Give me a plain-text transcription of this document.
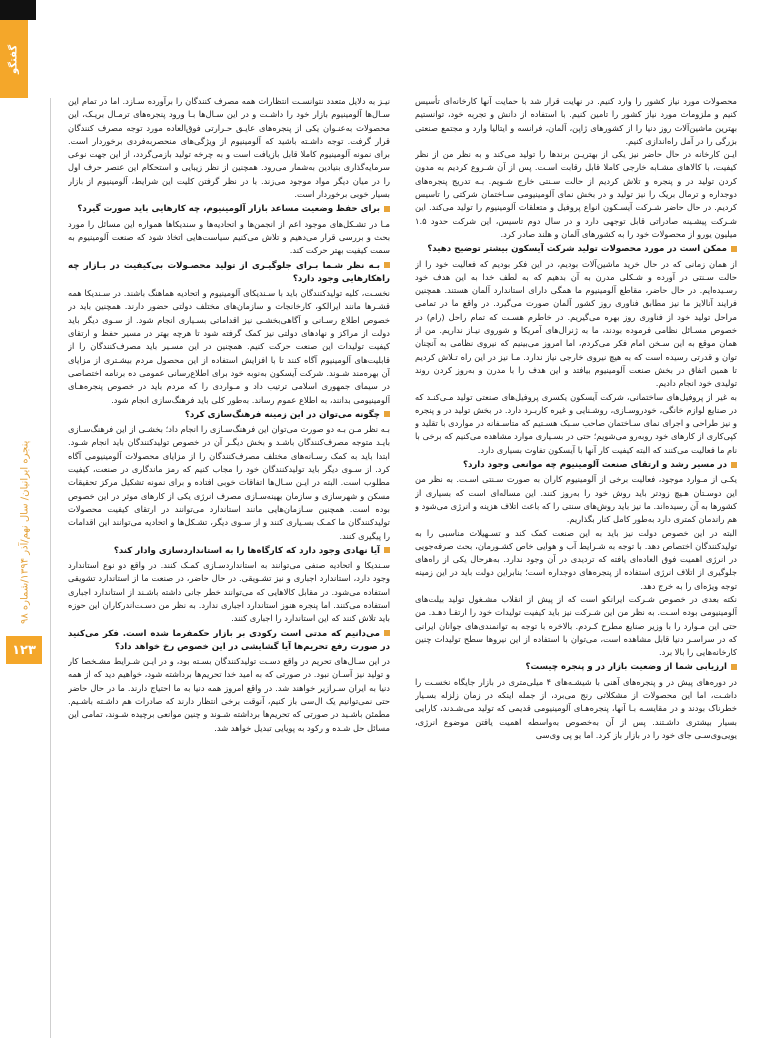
گفتگو
پنجره ایرانیان/ سال نهم/آذر ۱۳۹۴/شماره ۹۸
۱۲۳

محصولات مورد نیاز کشور را وارد کنیم. در نهایت قرار شد با حمایت آنها کارخانه‌ای تأسیس کنیم و ملزومات مورد نیاز کشور را تامین کنیم. با استفاده از دانش و تجربه خود، توانستیم بهترین ماشین‌آلات روز دنیا را از کشورهای ژاپن، آلمان، فرانسه و ایتالیا وارد و مجتمع صنعتی بزرگی را در آمل راه‌اندازی کنیم.

ایـن کارخانه در حال حاضر نیز یکی از بهتریـن برندها را تولید می‌کند و به نظر من از نظر کیفیت، با کالاهای مشـابه خارجی کاملا قابل رقابت اسـت. پس از آن شـروع کردیم به مدون کردن تولید در و پنجره و تلاش کردیم از حالت سـنتی خارج شـویم. بـه تدریج پنجره‌های دوجداره و ترمال بریک را نیز تولید و در بخش نمای آلومینیومی سـاختمان شرکتی را تاسیس کردیم. در حال حاضر شـرکت آیسـکون انواع پروفیل و متعلقات آلومینیوم را تولید می‌کند. این شـرکت پیشـینه صادراتی قابل توجهی دارد و در سال دوم تاسیس، این شرکت حدود ۱.۵ میلیون یورو از محصولات خود را به کشورهای آلمان و هلند صادر کرد.

ممکن است در مورد محصولات تولید شرکت آیسکون بیشتر توضیح دهید؟

از همان زمانی که در حال خرید ماشین‌آلات بودیم، در این فکر بودیم که فعالیت خود را از حالت سـنتی در آورده و شـکلی مدرن به آن بدهیم که به لطف خدا به این هدف خود رسـیده‌ایم. در حال حاضر، مقاطع آلومینیوم ما همگی دارای استاندارد آلمان هستند. همچنین فرایند آنالایز ما نیز مطابق فناوری روز کشور آلمان صورت می‌گیرد. در واقع ما در تمامی مراحل تولید خود از فناوری روز بهره می‌گیریم. در خاطرم هسـت که تمام راحل (رام) در خصوص مسـائل نظامی فرموده بودند، ما به ژنرال‌های آمریکا و شوروی نیـاز نداریم. من از همان موقع به این سـخن امام فکر می‌کردم، اما امروز می‌بینیم که نیروی نظامی به آنچنان توان و قدرتی رسیده است که به هیچ نیروی خارجی نیاز ندارد. مـا نیز در این راه تـلاش کردیم تا همین اتفاق در بخش صنعت آلومینیوم بیافتد و این هدف را با مدرن و به‌روز کردن روند تولیدی خود انجام دادیم.

به غیر از پروفیل‌های ساختمانی، شرکت آیسکون یکسری پروفیل‌های صنعتی تولید مـی‌کنـد که در صنایع لوازم خانگی، خودروسـازی، روشـنایی و غیره کاربـرد دارد. در بخش تولید در و پنجره و نیز طراحی و اجرای نمای سـاختمان صاحب سـبک هسـتیم که متاسـفانه در مواردی با تقلید و کپی‌کاری از کارهای خود روبه‌رو می‌شویم؛ حتی در بسـیاری موارد مشاهده می‌کنیم که برخی با نام ما فعالیت می‌کنند که البته کیفیت کار آنها با آیسکون تفاوت بسیاری دارد.

در مسیر رشد و ارتقای صنعت آلومینیوم چه موانعی وجود دارد؟

یکـی از مـوارد موجود، فعالیت برخی از آلومینیوم کاران به صورت سـنتی اسـت. به نظر من این دوسـتان هـیچ زودتر باید روش خود را به‌روز کنند. این مساله‌ای است که بسیاری از کشورها به آن رسیده‌اند. ما نیز باید روش‌های سنتی را که باعث اتلاف هزینه و انرژی می‌شود و هم راندمان کمتری دارد به‌طور کامل کنار بگذاریم.

البته در این خصوص دولت نیز باید به این صنعت کمک کند و تسـهیلات مناسبی را به تولیدکنندگان اختصاص دهد. با توجه به شـرایط آب و هوایی خاص کشـورمان، بحث صرفه‌جویی در انرژی اهمیت فوق العاده‌ای یافته که تردیدی در آن وجود ندارد. به‌هرحال یکی از راه‌های جلوگیری از اتلاف انرژی استفاده از پنجره‌های دوجداره است؛ بنابراین دولت باید در این زمینه توجه ویژه‌ای را به خرج دهد.

نکته بعدی در خصوص شـرکت ایرانکو است که از پیش از انقلاب مشـغول تولید بیلت‌های آلومینیومی بوده اسـت. به نظر من این شـرکت نیز باید کیفیت تولیدات خود را ارتقـا دهـد. من حتی این مـوارد را با وزیر صنایع مطرح کـردم. بالاخره با توجه به توانمندی‌های جوانان ایرانی که در سراسـر دنیا قابل مشاهده است، می‌توان با استفاده از این نیروها سطح تولیدات چنین کارخانه‌هایی را بالا برد.

ارزیابی شما از وضعیت بازار در و پنجره چیست؟

در دوره‌های پیش در و پنجره‌های آهنی با شیشـه‌های ۴ میلی‌متری در بازار جایگاه نخسـت را داشـت، اما این محصولات از مشکلاتی رنج می‌برد، از جمله اینکه در زمان زلزله بسـیار خطرناک بودند و در مقایسـه بـا آنها، پنجره‌هـای آلومینیومی قدیمی که تولید می‌شـدند، کارایی بسیار بیشتری داشـتند. پس از آن به‌خصوص به‌واسطه اهمیت یافتن موضوع انرژی، یویی‌وی‌سـی جای خود را در بازار باز کرد. اما یو پی وی‌سی

نیـز به دلایل متعدد نتوانسـت انتظارات همه مصرف کنندگان را برآورده سـازد. اما در تمام این سـال‌ها آلومینیوم بازار خود را داشـت و در این سـال‌ها بـا ورود پنجره‌های ترمـال بریـک، این محصولات به‌عنـوان یکی از پنجره‌های عایـق حـرارتی فوق‌العاده مورد توجه مصرف کنندگان قرار گرفت. توجه داشـته باشید که آلومینیوم از ویژگی‌های منحصربه‌فردی برخوردار است. برای نمونه آلومینیوم کاملا قابل بازیافت است و به چرخه تولید بازمی‌گردد، از این جهت نوعی سرمایه‌گذاری بنیادین به‌شمار می‌رود. همچنین از نظر زیبایی و استحکام این عنصر حرف اول را در میان دیگر مواد موجود می‌زند. با در نظر گرفتن کلیت این شرایط، آلومینیوم از بازار بسیار خوبی برخوردار است.

برای حفظ وضعیت مساعد بازار آلومینیوم، چه کارهایی باید صورت گیرد؟

مـا در تشـکل‌های موجود اعم از انجمن‌ها و اتحادیه‌ها و سندیکاها همواره این مسائل را مورد بحث و بررسی قرار می‌دهیم و تلاش می‌کنیم سیاست‌هایی اتخاذ شود که صنعت آلومینیوم به سمت کیفیت بهتر حرکت کند.

بـه نظر شـما بـرای جلوگیـری از تولید محصـولات بی‌کیفیت در بـازار چه راهکارهایی وجود دارد؟

نخسـت، کلیه تولیدکنندگان باید با سـندیکای آلومینیوم و اتحادیه هماهنگ باشند. در سـندیکا همه قشـرها مانند ایرالکو، کارخانجات و سازمان‌های مختلف دولتی حضور دارند. همچنین باید در خصوص اطلاع رسـانی و آگاهی‌بخشـی نیز اقداماتی بسـیاری انجام شود. از سـوی دیگر باید دولت از مراکز و نهادهای دولتی نیز کمک گرفته شود تا هرچه بهتر در مسیر حفظ و ارتقای کیفیت تولیدات این صنعت حرکت کنیم. همچنین در این مسـیر باید مصرف‌کنندگان را از قابلیت‌های آلومینیوم آگاه کنند تا با افزایش استفاده از این محصول مردم بیشـتری از مزایای آن بهره‌مند شـوند. شرکت آیسکون به‌نوبه خود برای اطلاع‌رسانی عمومی ده برنامه اختصاصی در سیمای جمهوری اسلامی ترتیب داد و مـواردی را که مردم باید در خصوص پنجره‌هـای آلومینیومی بدانند، به اطلاع عموم رساند. به‌طور کلی باید فرهنگ‌سازی انجام شود.

چگونه می‌توان در این زمینه فرهنگ‌سازی کرد؟

بـه نظر مـن بـه دو صورت می‌توان این فرهنگ‌سـازی را انجام داد؛ بخشـی از این فرهنگ‌سـازی بایـد متوجه مصرف‌کنندگان باشـد و بخش دیگـر آن در خصوص تولیدکنندگان باید انجام شـود. ابتدا باید به کمک رسـانه‌های مختلف مصرف‌کنندگان را از مزایای محصولات آلومینیومی آگاه کرد. از سـوی دیگر باید تولیدکنندگان خود را مجاب کنیم که رمز ماندگاری در صنعت، کیفیت مطلوب است. البته در ایـن سـال‌ها اتفاقات خوبی افتاده و برای نمونه تشکیل مرکز تحقیقات مسکن و شهرسازی و سازمان بهینه‌سـازی مصرف انرژی یکی از کارهای موثر در این خصوص بوده است. همچنین سـازمان‌هایی مانند استاندارد می‌توانند در ارتقای کیفیت محصولات تولیدکنندگان ما کمـک بسـیاری کنند و از سـوی دیگر، تشـکل‌ها و اتحادیه می‌توانند این اقدامات را پیگیری کنند.

آیا نهادی وجود دارد که کارگاه‌ها را به استانداردسازی وادار کند؟

سـندیکا و اتحادیه صنفی می‌توانند به استانداردسـازی کمـک کنند. در واقع دو نوع استاندارد وجود دارد، استاندارد اجباری و نیز تشـویقی. در حال حاضر، در صنعت ما از استاندارد تشویقی استفاده می‌شود. در مقابل کالاهایی که می‌توانند خطر جانی داشته باشـند از استاندارد اجباری استفاده می‌کنند. اما پنجره هنوز استاندارد اجباری ندارد. به نظر من دسـت‌اندرکاران این حوزه باید تلاش کنند که این استاندارد را اجباری کنند.

می‌دانیم که مدتی است رکودی بر بازار حکمفرما شده است. فکر می‌کنید در صورت رفع تحریم‌ها آیا گشایشی در این خصوص رخ خواهد داد؟

در این سـال‌های تحریم در واقع دسـت تولیدکنندگان بسـته بود، و در ایـن شـرایط مشـخصا کار و تولید نیز آسـان نبود. در صورتی که به امید خدا تحریم‌ها برداشته شود، خواهیم دید که از همه دنیا به ایران سـرازیر خواهند شد. در واقع امروز همه دنیا به ما احتیاج دارند. ما در حال حاضر حتی نمی‌توانیم یک ال‌سی باز کنیم، آنوقت برخی انتظار دارند که صادرات هم داشـته باشـیم. مطمئن باشـید در صورتی که تحریم‌ها برداشته شـوند و چنین موانعی برچیده شـوند، تمامی این مسائل حل شـده و رکود به پویایی تبدیل خواهد شد.
